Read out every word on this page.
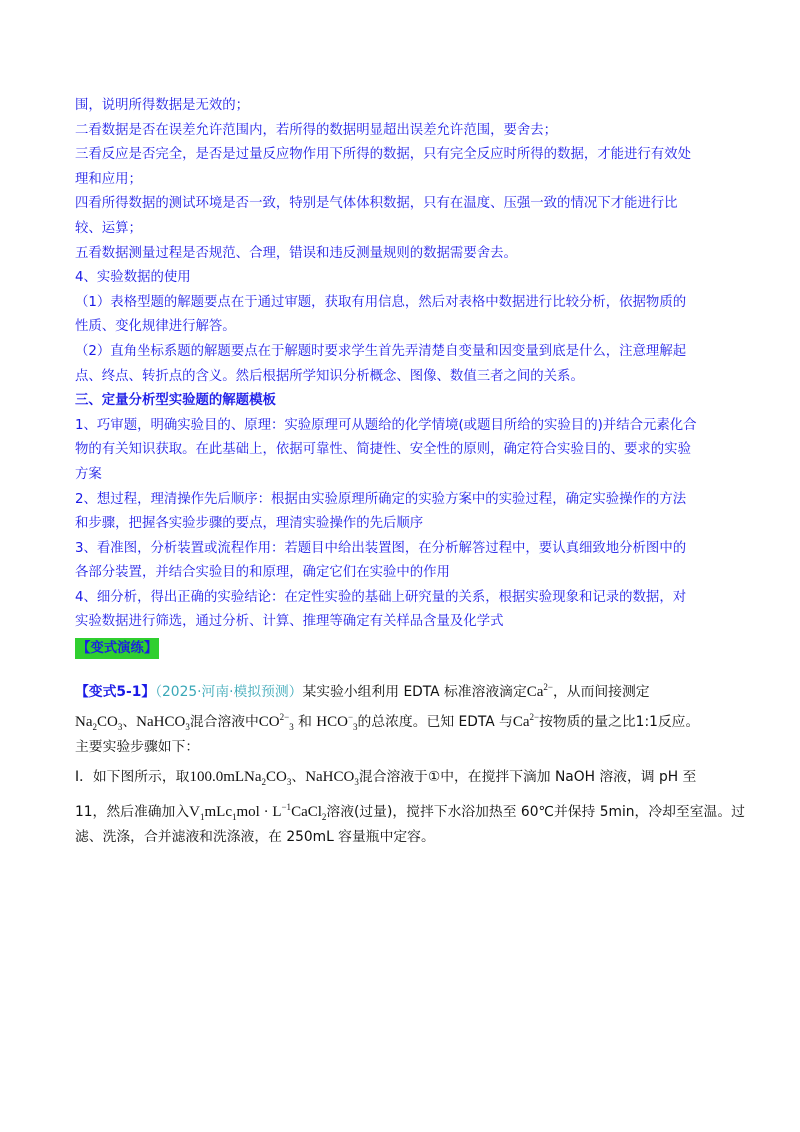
围，说明所得数据是无效的；
二看数据是否在误差允许范围内，若所得的数据明显超出误差允许范围，要舍去；
三看反应是否完全，是否是过量反应物作用下所得的数据，只有完全反应时所得的数据，才能进行有效处
理和应用；
四看所得数据的测试环境是否一致，特别是气体体积数据，只有在温度、压强一致的情况下才能进行比
较、运算；
五看数据测量过程是否规范、合理，错误和违反测量规则的数据需要舍去。
4、实验数据的使用
（1）表格型题的解题要点在于通过审题，获取有用信息，然后对表格中数据进行比较分析，依据物质的
性质、变化规律进行解答。
（2）直角坐标系题的解题要点在于解题时要求学生首先弄清楚自变量和因变量到底是什么，注意理解起
点、终点、转折点的含义。然后根据所学知识分析概念、图像、数值三者之间的关系。
三、定量分析型实验题的解题模板
1、巧审题，明确实验目的、原理：实验原理可从题给的化学情境(或题目所给的实验目的)并结合元素化合
物的有关知识获取。在此基础上，依据可靠性、简捷性、安全性的原则，确定符合实验目的、要求的实验
方案
2、想过程，理清操作先后顺序：根据由实验原理所确定的实验方案中的实验过程，确定实验操作的方法
和步骤，把握各实验步骤的要点，理清实验操作的先后顺序
3、看准图，分析装置或流程作用：若题目中给出装置图，在分析解答过程中，要认真细致地分析图中的
各部分装置，并结合实验目的和原理，确定它们在实验中的作用
4、细分析，得出正确的实验结论：在定性实验的基础上研究量的关系，根据实验现象和记录的数据，对
实验数据进行筛选，通过分析、计算、推理等确定有关样品含量及化学式
【变式演练】
【变式5-1】（2025·河南·模拟预测）某实验小组利用 EDTA 标准溶液滴定$Ca^{2-}$，从而间接测定
$Na_2CO_3$、NaHCO$_3$混合溶液中$CO^{2-}_3$ 和 $HCO^-_3$的总浓度。已知 EDTA 与$Ca^{2-}$按物质的量之比1:1反应。
主要实验步骤如下：
Ⅰ．如下图所示，取$100.0mLNa_2CO_3$、NaHCO$_3$混合溶液于①中，在搅拌下滴加 NaOH 溶液，调 pH 至
11，然后准确加入$V_1mLc_1mol$ · $L^{-1}CaCl_2$溶液(过量)，搅拌下水浴加热至 60℃并保持 5min，冷却至室温。过
滤、洗涤，合并滤液和洗涤液，在 250mL 容量瓶中定容。
